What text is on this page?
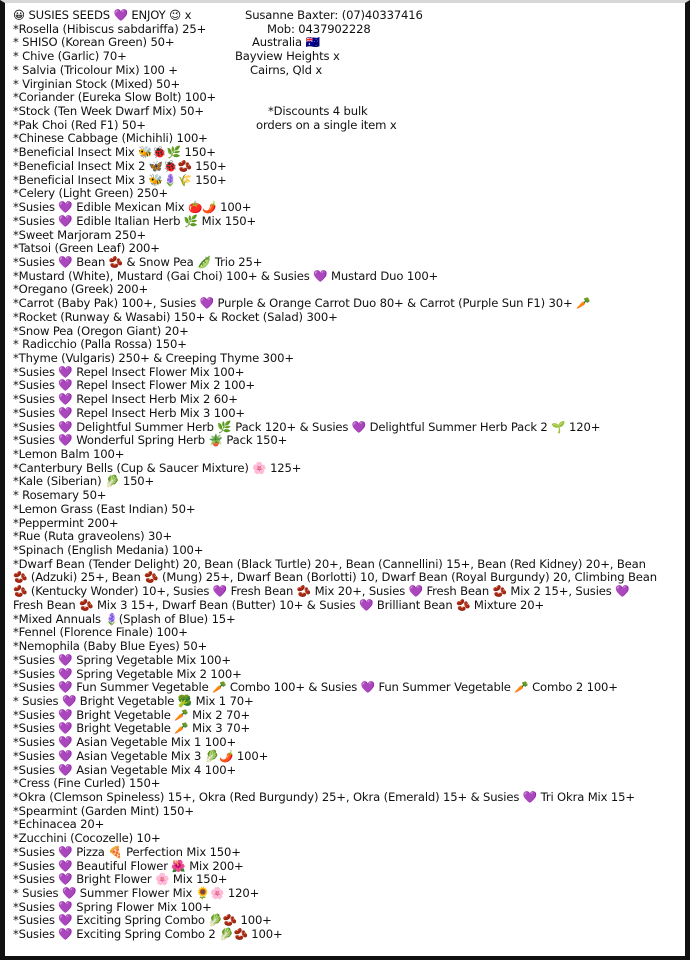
Susanne Baxter: (07)40337416
Mob: 0437902228
Australia 🇦🇺
Bayview Heights x
Cairns, Qld x
*Discounts 4 bulk
orders on a single item x
😀 SUSIES SEEDS 💜 ENJOY 😉 x
*Rosella (Hibiscus sabdariffa) 25+
* SHISO (Korean Green) 50+
* Chive (Garlic) 70+
* Salvia (Tricolour Mix) 100 +
* Virginian Stock (Mixed) 50+
*Coriander (Eureka Slow Bolt) 100+
*Stock (Ten Week Dwarf Mix) 50+
*Pak Choi (Red F1) 50+
*Chinese Cabbage (Michihli) 100+
*Beneficial Insect Mix 🐝🐞🌿 150+
*Beneficial Insect Mix 2 🦋🐞🫘 150+
*Beneficial Insect Mix 3 🐝🪻🌾 150+
*Celery (Light Green) 250+
*Susies 💜 Edible Mexican Mix 🍅🌶️ 100+
*Susies 💜 Edible Italian Herb 🌿 Mix 150+
*Sweet Marjoram 250+
*Tatsoi (Green Leaf) 200+
*Susies 💜 Bean 🫘 & Snow Pea 🫛 Trio 25+
*Mustard (White), Mustard (Gai Choi) 100+ & Susies 💜 Mustard Duo 100+
*Oregano (Greek) 200+
*Carrot (Baby Pak) 100+, Susies 💜 Purple & Orange Carrot Duo 80+ & Carrot (Purple Sun F1) 30+ 🥕
*Rocket (Runway & Wasabi) 150+ & Rocket (Salad) 300+
*Snow Pea (Oregon Giant) 20+
* Radicchio (Palla Rossa) 150+
*Thyme (Vulgaris) 250+ & Creeping Thyme 300+
*Susies 💜 Repel Insect Flower Mix 100+
*Susies 💜 Repel Insect Flower Mix 2 100+
*Susies 💜 Repel Insect Herb Mix 2 60+
*Susies 💜 Repel Insect Herb Mix 3 100+
*Susies 💜 Delightful Summer Herb 🌿 Pack 120+ & Susies 💜 Delightful Summer Herb Pack 2 🌱 120+
*Susies 💜 Wonderful Spring Herb 🪴 Pack 150+
*Lemon Balm 100+
*Canterbury Bells (Cup & Saucer Mixture) 🌸 125+
*Kale (Siberian) 🥬 150+
* Rosemary 50+
*Lemon Grass (East Indian) 50+
*Peppermint 200+
*Rue (Ruta graveolens) 30+
*Spinach (English Medania) 100+
*Dwarf Bean (Tender Delight) 20, Bean (Black Turtle) 20+, Bean (Cannellini) 15+, Bean (Red Kidney) 20+, Bean
🫘 (Adzuki) 25+, Bean 🫘 (Mung) 25+, Dwarf Bean (Borlotti) 10, Dwarf Bean (Royal Burgundy) 20, Climbing Bean
🫘 (Kentucky Wonder) 10+, Susies 💜 Fresh Bean 🫘 Mix 20+, Susies 💜 Fresh Bean 🫘 Mix 2 15+, Susies 💜
Fresh Bean 🫘 Mix 3 15+, Dwarf Bean (Butter) 10+ & Susies 💜 Brilliant Bean 🫘 Mixture 20+
*Mixed Annuals 🪻(Splash of Blue) 15+
*Fennel (Florence Finale) 100+
*Nemophila (Baby Blue Eyes) 50+
*Susies 💜 Spring Vegetable Mix 100+
*Susies 💜 Spring Vegetable Mix 2 100+
*Susies 💜 Fun Summer Vegetable 🥕 Combo 100+ & Susies 💜 Fun Summer Vegetable 🥕 Combo 2 100+
* Susies 💜 Bright Vegetable 🥦 Mix 1 70+
*Susies 💜 Bright Vegetable 🥕 Mix 2 70+
*Susies 💜 Bright Vegetable 🥕 Mix 3 70+
*Susies 💜 Asian Vegetable Mix 1 100+
*Susies 💜 Asian Vegetable Mix 3 🥬🌶️ 100+
*Susies 💜 Asian Vegetable Mix 4 100+
*Cress (Fine Curled) 150+
*Okra (Clemson Spineless) 15+, Okra (Red Burgundy) 25+, Okra (Emerald) 15+ & Susies 💜 Tri Okra Mix 15+
*Spearmint (Garden Mint) 150+
*Echinacea 20+
*Zucchini (Cocozelle) 10+
*Susies 💜 Pizza 🍕 Perfection Mix 150+
*Susies 💜 Beautiful Flower 🌺 Mix 200+
*Susies 💜 Bright Flower 🌸 Mix 150+
* Susies 💜 Summer Flower Mix 🌻🌸 120+
*Susies 💜 Spring Flower Mix 100+
*Susies 💜 Exciting Spring Combo 🥬🫘 100+
*Susies 💜 Exciting Spring Combo 2 🥬🫘 100+
